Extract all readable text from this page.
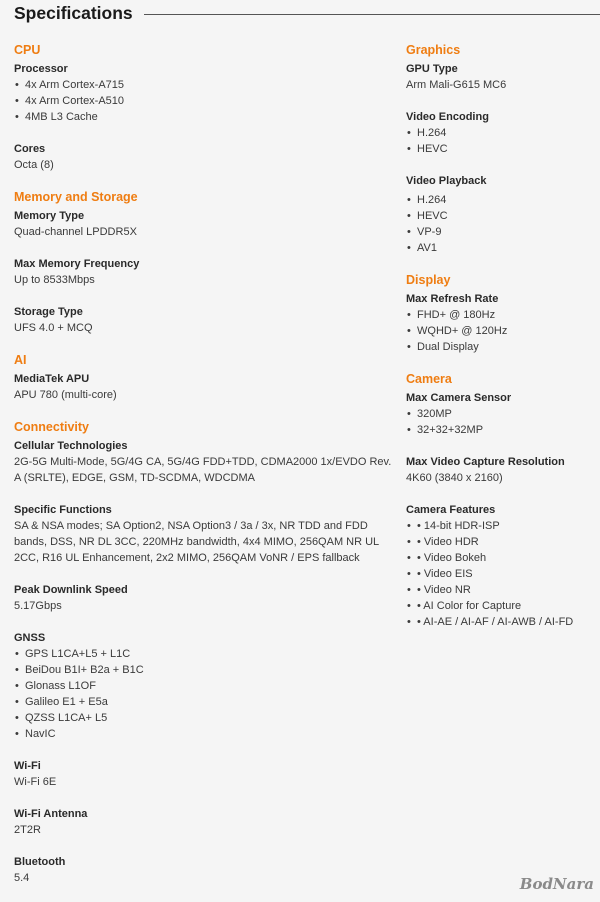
Specifications
CPU
Processor
• 4x Arm Cortex-A715
• 4x Arm Cortex-A510
• 4MB L3 Cache
Cores
Octa (8)
Memory and Storage
Memory Type
Quad-channel LPDDR5X
Max Memory Frequency
Up to 8533Mbps
Storage Type
UFS 4.0 + MCQ
AI
MediaTek APU
APU 780 (multi-core)
Connectivity
Cellular Technologies
2G-5G Multi-Mode, 5G/4G CA, 5G/4G FDD+TDD, CDMA2000 1x/EVDO Rev. A (SRLTE), EDGE, GSM, TD-SCDMA, WDCDMA
Specific Functions
SA & NSA modes; SA Option2, NSA Option3 / 3a / 3x, NR TDD and FDD bands, DSS, NR DL 3CC, 220MHz bandwidth, 4x4 MIMO, 256QAM NR UL 2CC, R16 UL Enhancement, 2x2 MIMO, 256QAM VoNR / EPS fallback
Peak Downlink Speed
5.17Gbps
GNSS
• GPS L1CA+L5 + L1C
• BeiDou B1I+ B2a + B1C
• Glonass L1OF
• Galileo E1 + E5a
• QZSS L1CA+ L5
• NavIC
Wi-Fi
Wi-Fi 6E
Wi-Fi Antenna
2T2R
Bluetooth
5.4
Graphics
GPU Type
Arm Mali-G615 MC6
Video Encoding
• H.264
• HEVC
Video Playback
• H.264
• HEVC
• VP-9
• AV1
Display
Max Refresh Rate
• FHD+ @ 180Hz
• WQHD+ @ 120Hz
• Dual Display
Camera
Max Camera Sensor
• 320MP
• 32+32+32MP
Max Video Capture Resolution
4K60 (3840 x 2160)
Camera Features
• • 14-bit HDR-ISP
• • Video HDR
• • Video Bokeh
• • Video EIS
• • Video NR
• • AI Color for Capture
• • AI-AE / AI-AF / AI-AWB / AI-FD
BodNara
